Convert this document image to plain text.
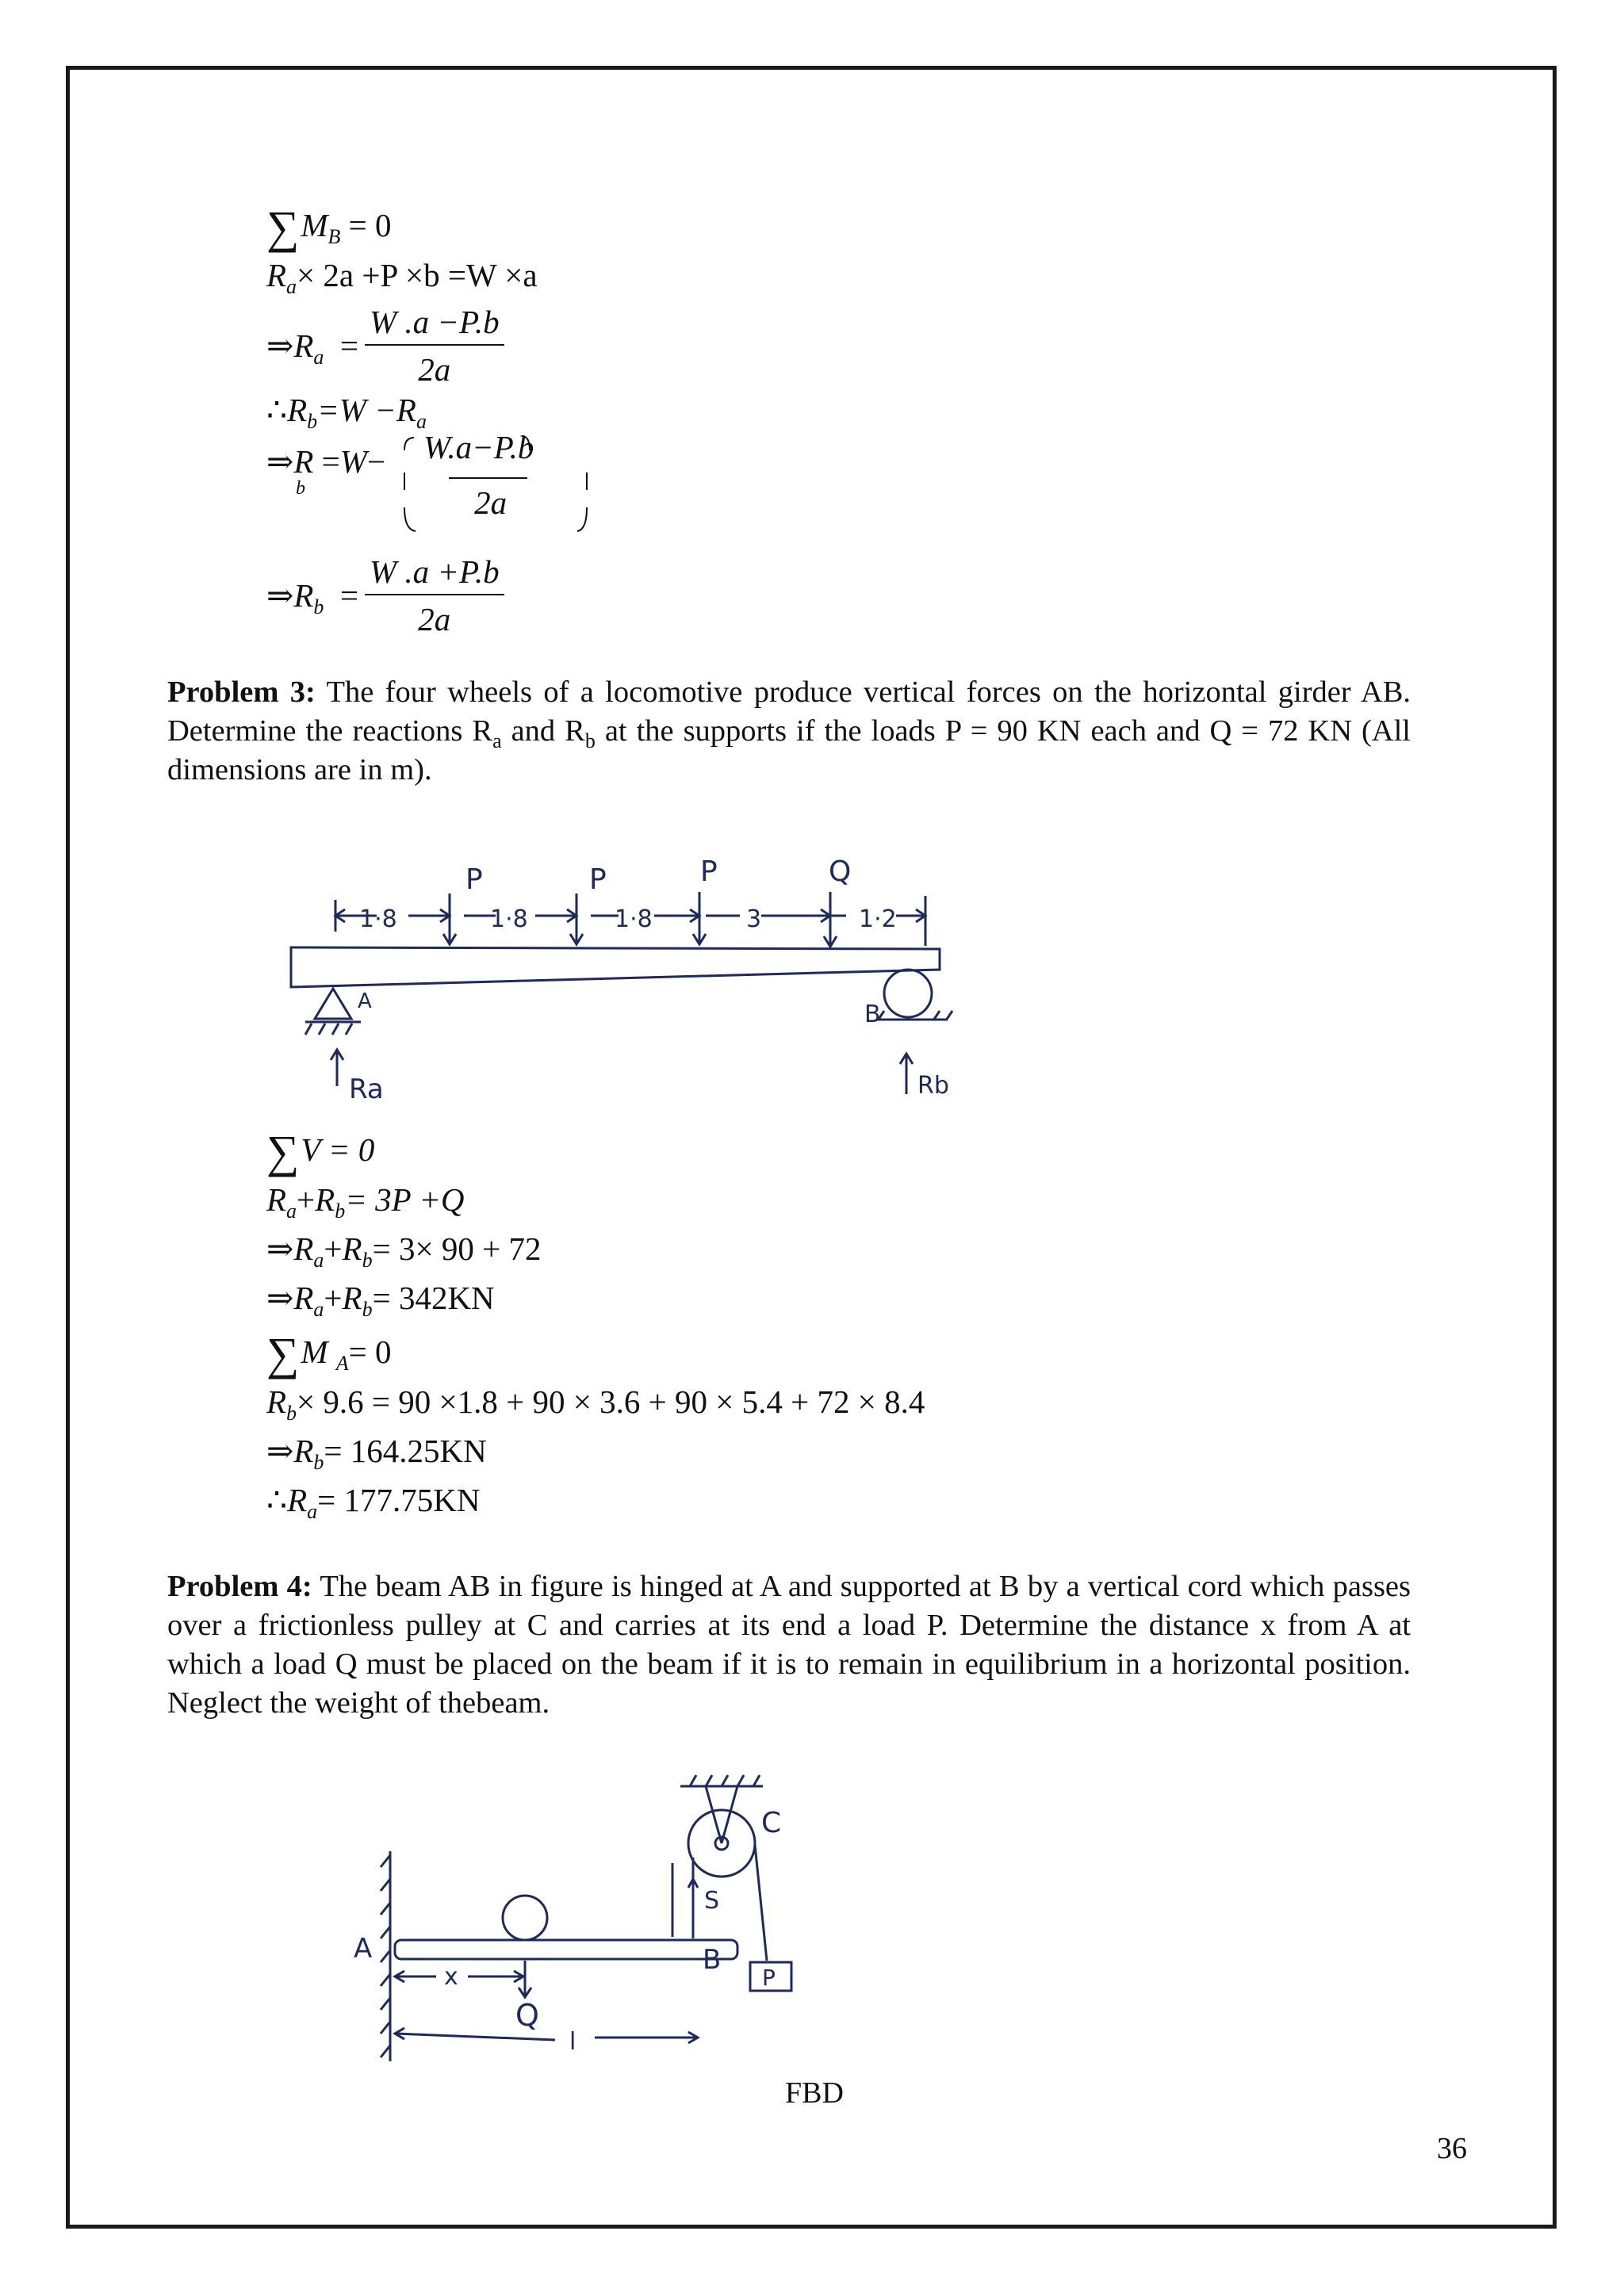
$\sum M_B = 0$
$R_a\times 2a +P \times b =W \times a$
$\Rightarrow R_a = \frac{W .a -P.b}{2a}$
$\therefore R_b=W -R_a$
⇒R =W−
b
W.a−P.b
2a
$\Rightarrow R_b = \frac{W .a +P.b}{2a}$
Problem 3: The four wheels of a locomotive produce vertical forces on the horizontal girder AB. Determine the reactions $R_a$ and $R_b$ at the supports if the loads P = 90 KN each and Q = 72 KN (All dimensions are in m).
1·8	1·8	1·8	3	1·2
P	P	P	Q
A	B
Ra	Rb
∑V = 0
$R_a+R_b= 3P +Q$
$\Rightarrow R_a+R_b= 3\times 90 + 72$
$\Rightarrow R_a+R_b= 342KN$
∑M $_A$= 0
$R_b\times 9.6 = 90 \times 1.8 + 90 \times 3.6 + 90 \times 5.4 + 72 \times 8.4$
$\Rightarrow R_b= 164.25KN$
$\therefore R_a= 177.75KN$
Problem 4: The beam AB in figure is hinged at A and supported at B by a vertical cord which passes over a frictionless pulley at C and carries at its end a load P. Determine the distance x from A at which a load Q must be placed on the beam if it is to remain in equilibrium in a horizontal position. Neglect the weight of thebeam.
A	B
C
S
P
Q
x
l
FBD
36
